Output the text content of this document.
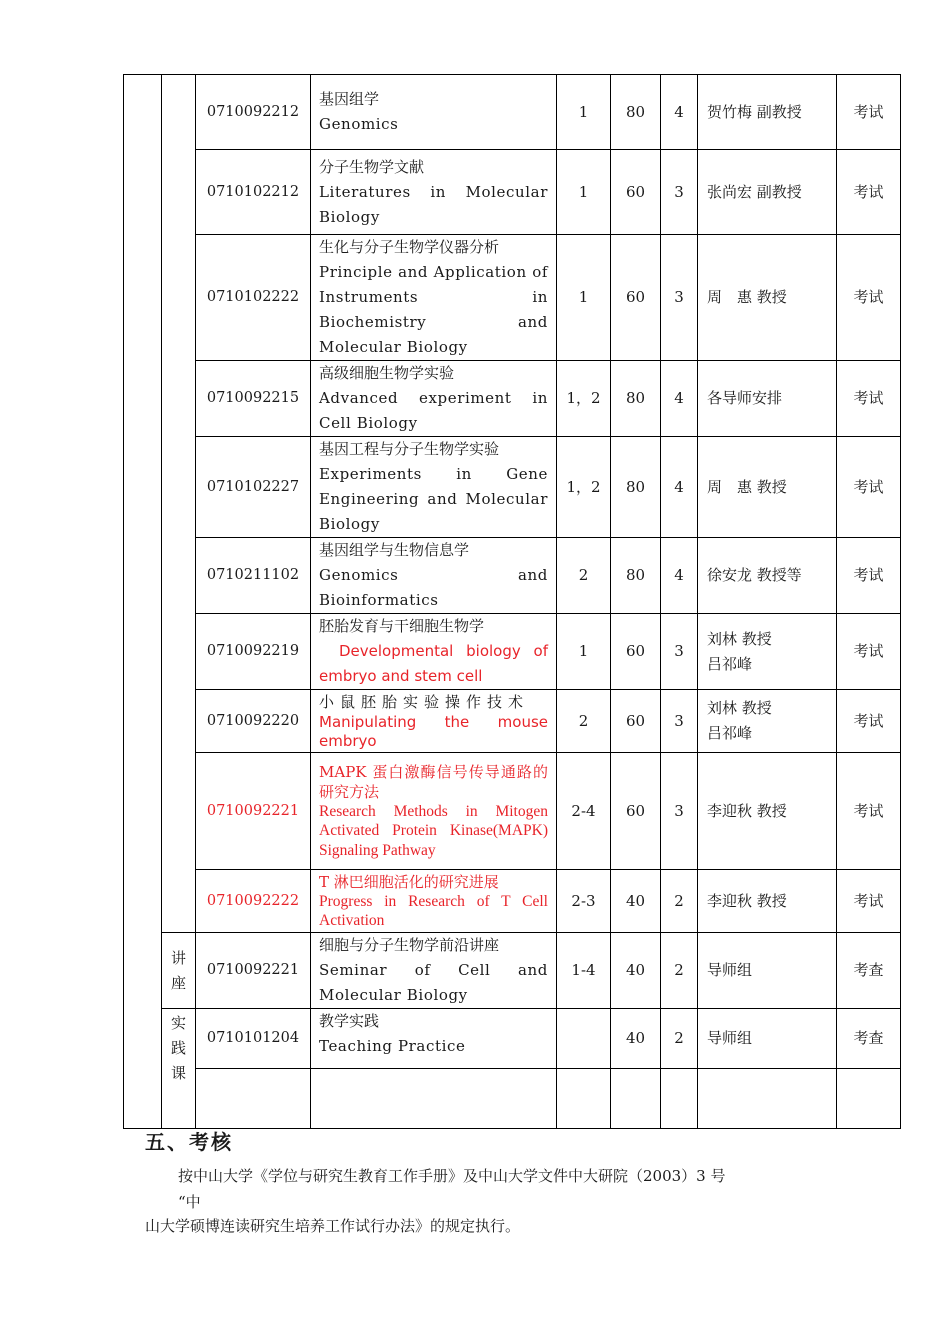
		0710092212	基因组学
Genomics	1	80	4	贺竹梅 副教授	考试
		0710102212	分子生物学文献
Literatures in Molecular Biology	1	60	3	张尚宏 副教授	考试
		0710102222	生化与分子生物学仪器分析
Principle and Application of Instruments in Biochemistry and Molecular Biology	1	60	3	周　惠 教授	考试
		0710092215	高级细胞生物学实验
Advanced experiment in Cell Biology	1，2	80	4	各导师安排	考试
		0710102227	基因工程与分子生物学实验
Experiments in Gene Engineering and Molecular Biology	1，2	80	4	周　惠 教授	考试
		0710211102	基因组学与生物信息学
Genomics and Bioinformatics	2	80	4	徐安龙 教授等	考试
		0710092219	胚胎发育与干细胞生物学
Developmental biology of embryo and stem cell	1	60	3	刘林 教授
吕祁峰	考试
		0710092220	小鼠胚胎实验操作技术
Manipulating the mouse embryo	2	60	3	刘林 教授
吕祁峰	考试
		0710092221	MAPK 蛋白激酶信号传导通路的研究方法
Research Methods in Mitogen Activated Protein Kinase(MAPK) Signaling Pathway	2-4	60	3	李迎秋 教授	考试
		0710092222	T 淋巴细胞活化的研究进展
Progress in Research of T Cell Activation	2-3	40	2	李迎秋 教授	考试

	讲座	0710092221	细胞与分子生物学前沿讲座
Seminar of Cell and Molecular Biology	1-4	40	2	导师组	考查

	实践课	0710101204	教学实践
Teaching Practice		40	2	导师组	考查

五、考核

按中山大学《学位与研究生教育工作手册》及中山大学文件中大研院（2003）3 号

“中

山大学硕博连读研究生培养工作试行办法》的规定执行。
